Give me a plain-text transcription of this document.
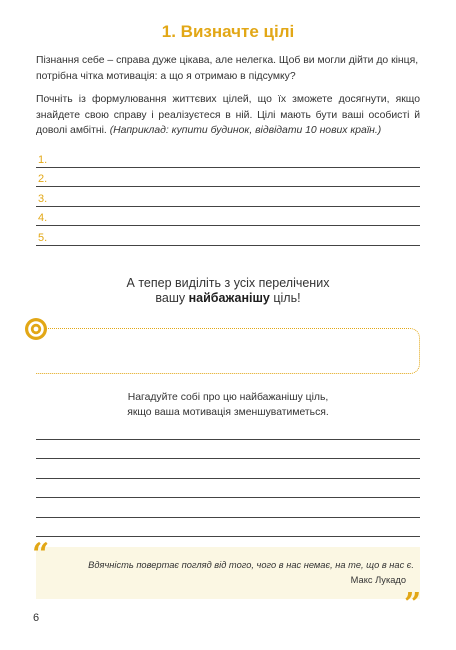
1. Визначте цілі

Пізнання себе – справа дуже цікава, але нелегка. Щоб ви могли дійти до кінця, потрібна чітка мотивація: а що я отримаю в підсумку?

Почніть із формулювання життєвих цілей, що їх зможете досягнути, якщо знайдете свою справу і реалізуєтеся в ній. Цілі мають бути ваші особисті й доволі амбітні. (Наприклад: купити будинок, відвідати 10 нових країн.)

1.
2.
3.
4.
5.
А тепер виділіть з усіх перелічених
вашу найбажанішу ціль!
Нагадуйте собі про цю найбажанішу ціль,
якщо ваша мотивація зменшуватиметься.
“	Вдячність повертає погляд від того, чого в нас немає, на те, що в нас є.
Макс Лукадо
”
6
